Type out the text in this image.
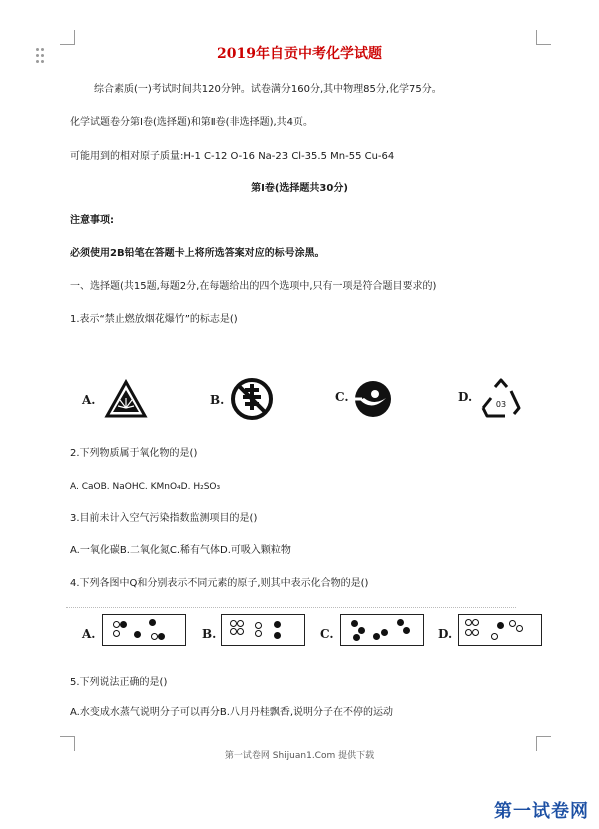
2019年自贡中考化学试题
综合素质(一)考试时间共120分钟。试卷满分160分,其中物理85分,化学75分。
化学试题卷分第Ⅰ卷(选择题)和第Ⅱ卷(非选择题),共4页。
可能用到的相对原子质量:H-1 C-12 O-16 Na-23 Cl-35.5 Mn-55 Cu-64
第Ⅰ卷(选择题共30分)
注意事项:
必须使用2B铅笔在答题卡上将所选答案对应的标号涂黑。
一、选择题(共15题,每题2分,在每题给出的四个选项中,只有一项是符合题目要求的)
1.表示“禁止燃放烟花爆竹”的标志是()
A.	B.	C.	D.
03
2.下列物质属于氧化物的是()
A. CaOB. NaOHC. KMnO₄D. H₂SO₃
3.目前未计入空气污染指数监测项目的是()
A.一氧化碳B.二氧化氮C.稀有气体D.可吸入颗粒物
4.下列各图中Q和分别表示不同元素的原子,则其中表示化合物的是()
A.	B.	C.	D.
5.下列说法正确的是()
A.水变成水蒸气说明分子可以再分B.八月丹桂飘香,说明分子在不停的运动
第一试卷网 Shijuan1.Com 提供下载
第一试卷网
